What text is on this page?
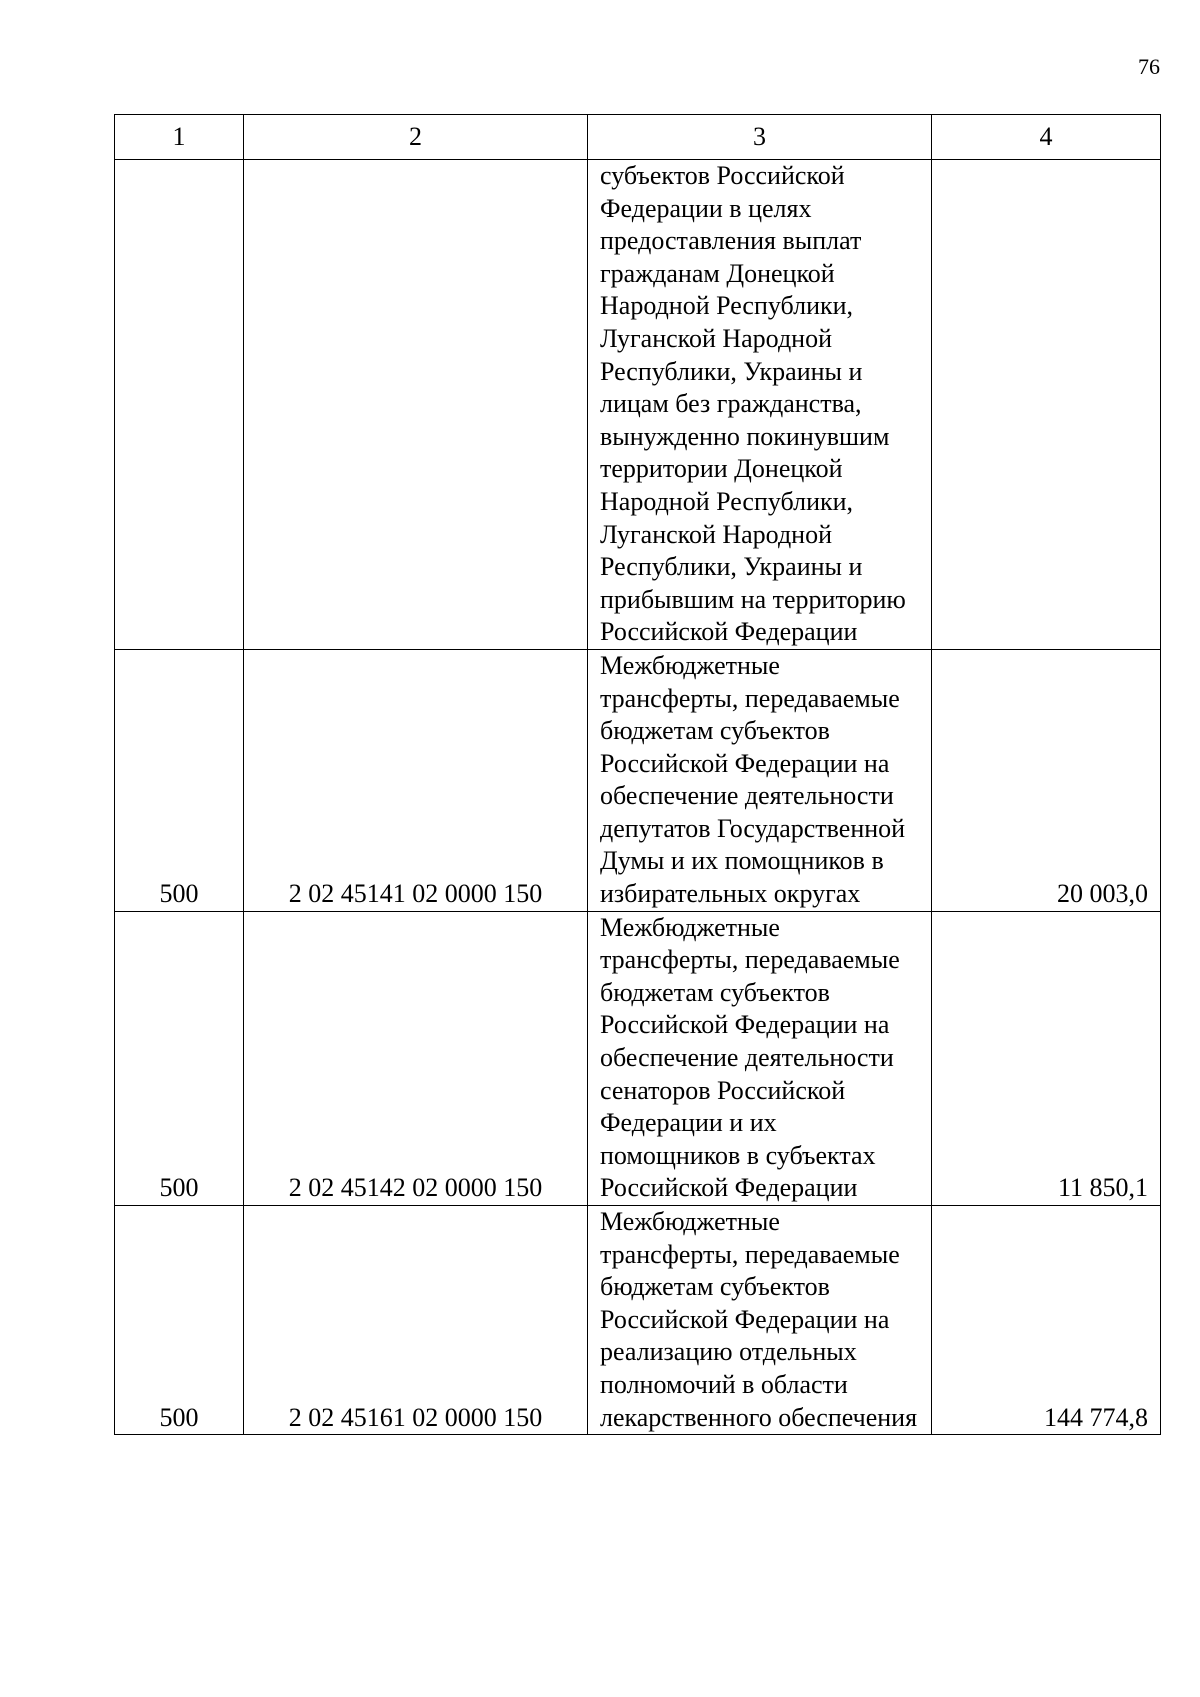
76
1	2	3	4
		субъектов Российской Федерации в целях предоставления выплат гражданам Донецкой Народной Республики, Луганской Народной Республики, Украины и лицам без гражданства, вынужденно покинувшим территории Донецкой Народной Республики, Луганской Народной Республики, Украины и прибывшим на территорию Российской Федерации	
500	2 02 45141 02 0000 150	Межбюджетные трансферты, передаваемые бюджетам субъектов Российской Федерации на обеспечение деятельности депутатов Государственной Думы и их помощников в избирательных округах	20 003,0
500	2 02 45142 02 0000 150	Межбюджетные трансферты, передаваемые бюджетам субъектов Российской Федерации на обеспечение деятельности сенаторов Российской Федерации и их помощников в субъектах Российской Федерации	11 850,1
500	2 02 45161 02 0000 150	Межбюджетные трансферты, передаваемые бюджетам субъектов Российской Федерации на реализацию отдельных полномочий в области лекарственного обеспечения	144 774,8
